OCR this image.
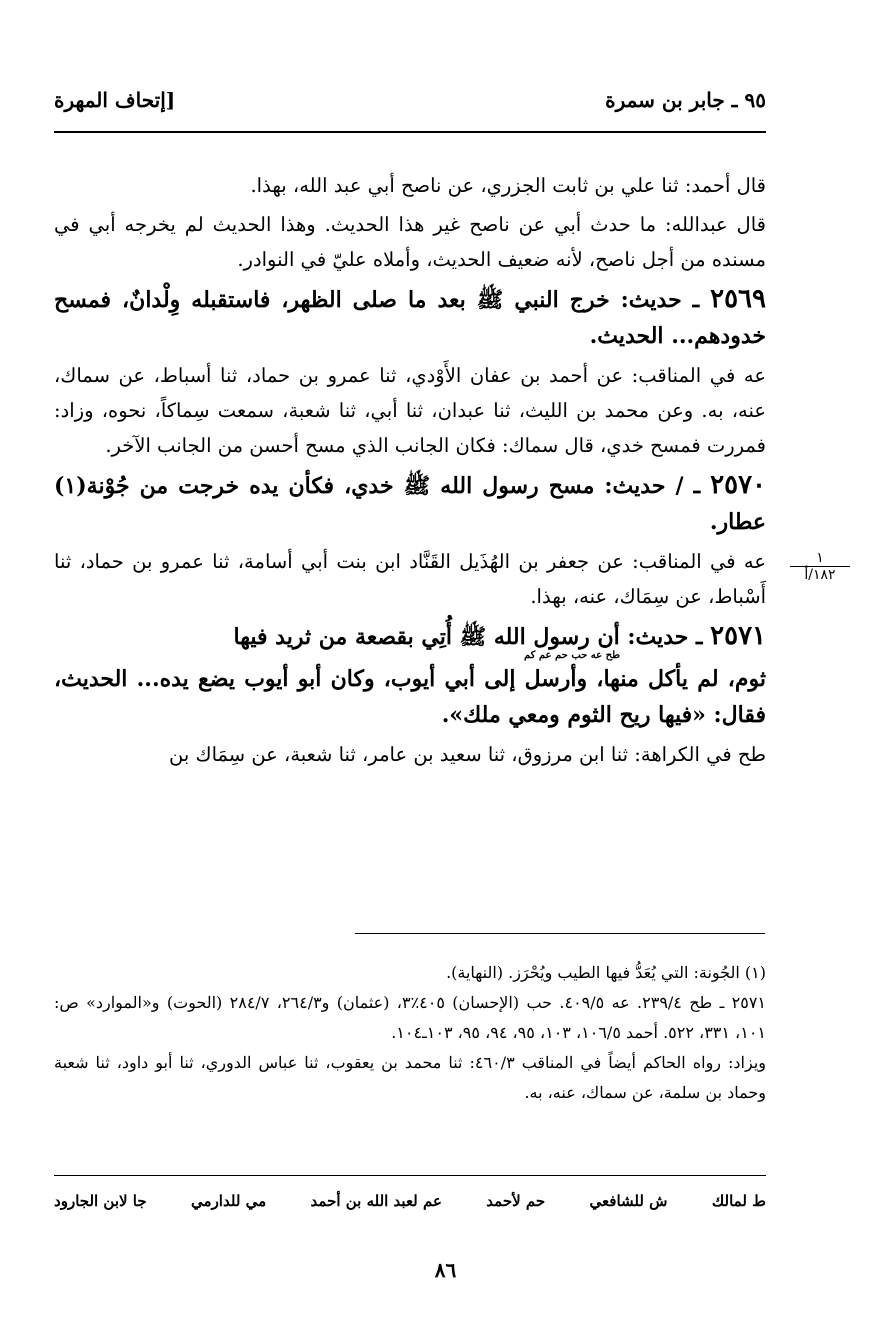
٩٥ ـ جابر بن سمرة
[إتحاف المهرة

قال أحمد: ثنا علي بن ثابت الجزري، عن ناصح أبي عبد الله، بهذا.

قال عبدالله: ما حدث أبي عن ناصح غير هذا الحديث. وهذا الحديث لم يخرجه أبي في مسنده من أجل ناصح، لأنه ضعيف الحديث، وأملاه عليّ في النوادر.

٢٥٦٩ ـ حديث: خرج النبي ﷺ بعد ما صلى الظهر، فاستقبله وِلْدانٌ، فمسح خدودهم... الحديث.

عه في المناقب: عن أحمد بن عفان الأَوْدي، ثنا عمرو بن حماد، ثنا أسباط، عن سماك، عنه، به. وعن محمد بن الليث، ثنا عبدان، ثنا أبي، ثنا شعبة، سمعت سِماكاً، نحوه، وزاد: فمررت فمسح خدي، قال سماك: فكان الجانب الذي مسح أحسن من الجانب الآخر.

٢٥٧٠ ـ / حديث: مسح رسول الله ﷺ خدي، فكأن يده خرجت من جُوْنة(١) عطار.

عه في المناقب: عن جعفر بن الهُذَيل القَنَّاد ابن بنت أبي أسامة، ثنا عمرو بن حماد، ثنا أَسْباط، عن سِمَاك، عنه، بهذا.

٢٥٧١ ـ حديث: أن رسول الله ﷺ أُتِي بقصعة من ثريد فيها
طح عه حب حم عم كم
ثوم، لم يأكل منها، وأرسل إلى أبي أيوب، وكان أبو أيوب يضع يده... الحديث، فقال: «فيها ريح الثوم ومعي ملك».

طح في الكراهة: ثنا ابن مرزوق، ثنا سعيد بن عامر، ثنا شعبة، عن سِمَاك بن

١
١٨٢/أ

(١) الجُونة: التي يُعَدُّ فيها الطيب ويُحْرَز. (النهاية).

٢٥٧١ ـ طح ٢٣٩/٤. عه ٤٠٩/٥. حب (الإحسان) ٤٠٥٪٣، (عثمان) و٢٦٤/٣، ٢٨٤/٧ (الحوت) و«الموارد» ص: ١٠١، ٣٣١، ٥٢٢. أحمد ١٠٦/٥، ١٠٣، ٩٥، ٩٤، ٩٥، ١٠٣ـ١٠٤.

ويزاد: رواه الحاكم أيضاً في المناقب ٤٦٠/٣: ثنا محمد بن يعقوب، ثنا عباس الدوري، ثنا أبو داود، ثنا شعبة وحماد بن سلمة، عن سماك، عنه، به.

ط لمالك
ش للشافعي
حم لأحمد
عم لعبد الله بن أحمد
مي للدارمي
جا لابن الجارود
٨٦
